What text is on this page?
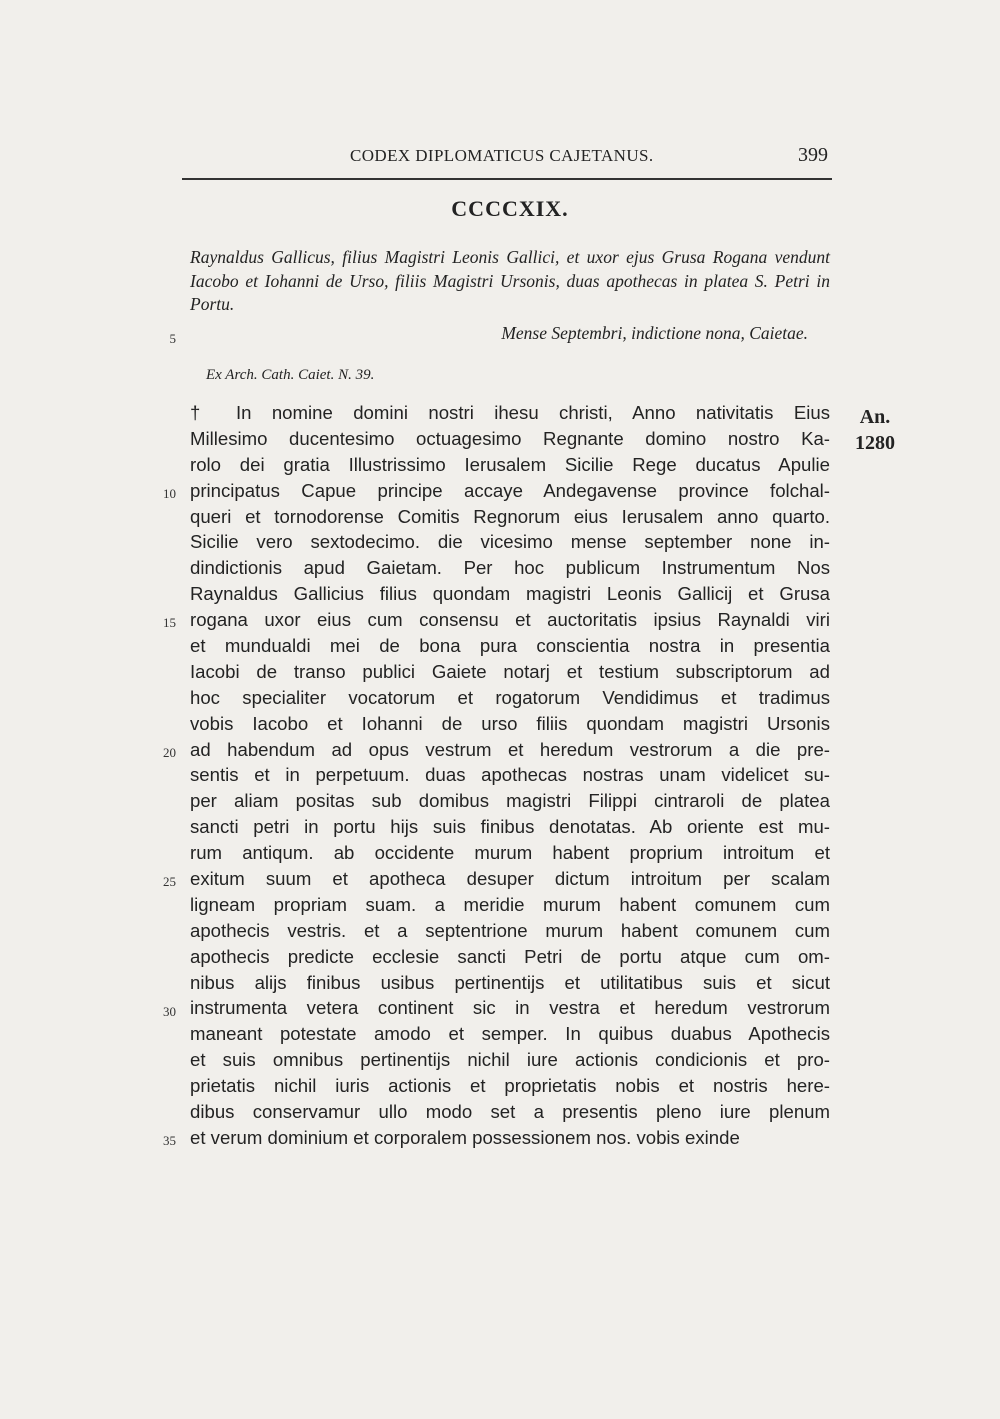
CODEX DIPLOMATICUS CAJETANUS.	399
CCCCXIX.
Raynaldus Gallicus, filius Magistri Leonis Gallici, et uxor ejus Grusa Rogana vendunt Iacobo et Iohanni de Urso, filiis Magistri Ursonis, duas apothecas in platea S. Petri in Portu.
Mense Septembri, indictione nona, Caietae.
Ex Arch. Cath. Caiet. N. 39.
An.
1280
† In nomine domini nostri ihesu christi, Anno nativitatis Eius
Millesimo ducentesimo octuagesimo Regnante domino nostro Ka-
rolo dei gratia Illustrissimo Ierusalem Sicilie Rege ducatus Apulie
principatus Capue principe accaye Andegavense province folchal-
queri et tornodorense Comitis Regnorum eius Ierusalem anno quarto.
Sicilie vero sextodecimo. die vicesimo mense september none in-
dindictionis apud Gaietam. Per hoc publicum Instrumentum Nos
Raynaldus Gallicius filius quondam magistri Leonis Gallicij et Grusa
rogana uxor eius cum consensu et auctoritatis ipsius Raynaldi viri
et mundualdi mei de bona pura conscientia nostra in presentia
Iacobi de transo publici Gaiete notarj et testium subscriptorum ad
hoc specialiter vocatorum et rogatorum Vendidimus et tradimus
vobis Iacobo et Iohanni de urso filiis quondam magistri Ursonis
ad habendum ad opus vestrum et heredum vestrorum a die pre-
sentis et in perpetuum. duas apothecas nostras unam videlicet su-
per aliam positas sub domibus magistri Filippi cintraroli de platea
sancti petri in portu hijs suis finibus denotatas. Ab oriente est mu-
rum antiqum. ab occidente murum habent proprium introitum et
exitum suum et apotheca desuper dictum introitum per scalam
ligneam propriam suam. a meridie murum habent comunem cum
apothecis vestris. et a septentrione murum habent comunem cum
apothecis predicte ecclesie sancti Petri de portu atque cum om-
nibus alijs finibus usibus pertinentijs et utilitatibus suis et sicut
instrumenta vetera continent sic in vestra et heredum vestrorum
maneant potestate amodo et semper. In quibus duabus Apothecis
et suis omnibus pertinentijs nichil iure actionis condicionis et pro-
prietatis nichil iuris actionis et proprietatis nobis et nostris here-
dibus conservamur ullo modo set a presentis pleno iure plenum
et verum dominium et corporalem possessionem nos. vobis exinde
5
10
15
20
25
30
35
